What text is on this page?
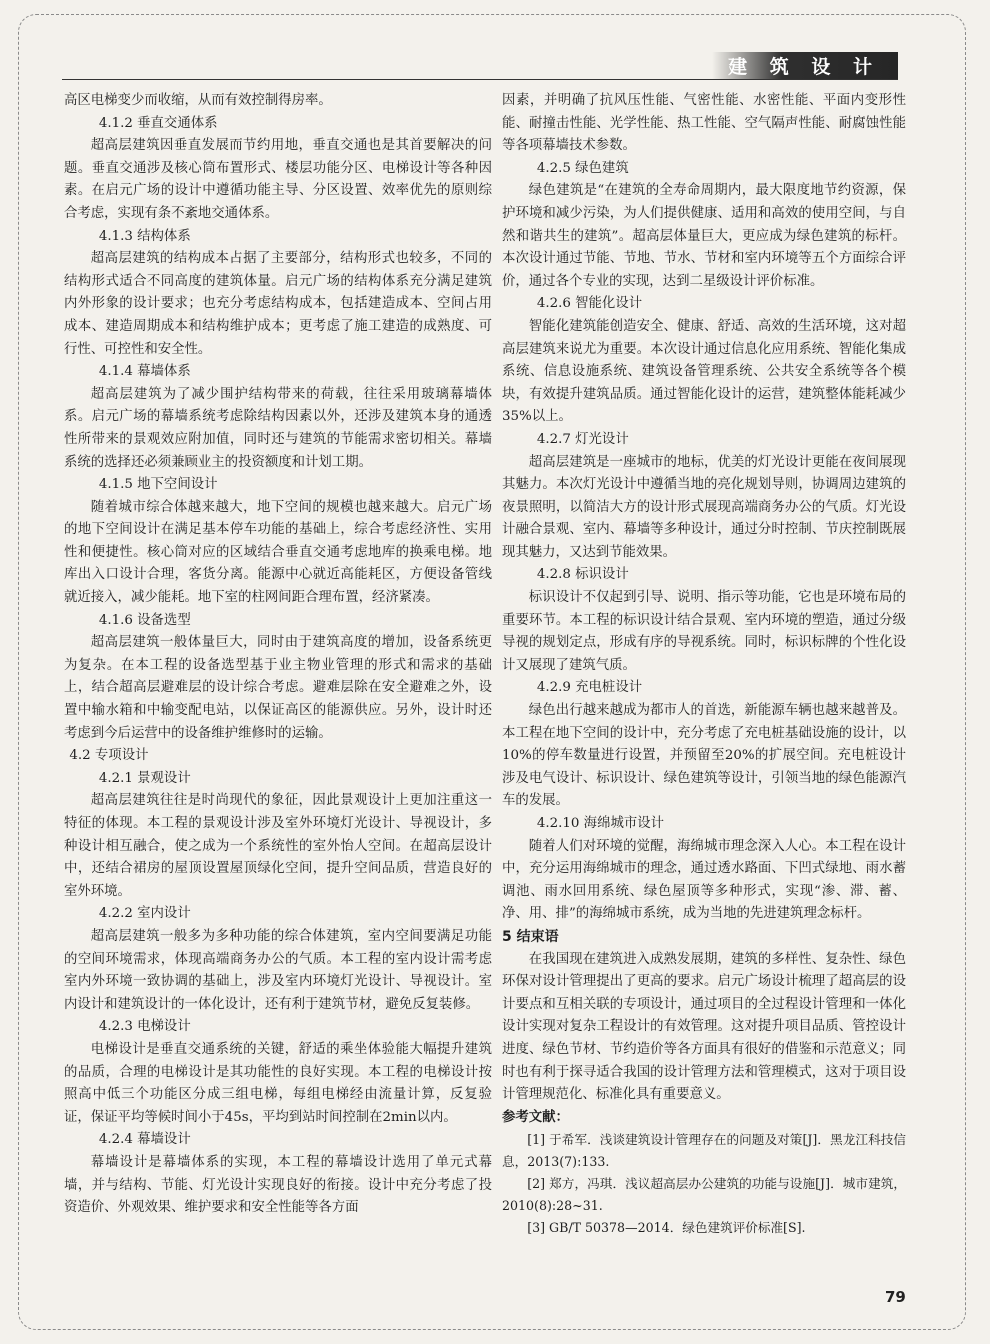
建 筑 设 计

高区电梯变少而收缩，从而有效控制得房率。

4.1.2 垂直交通体系

超高层建筑因垂直发展而节约用地，垂直交通也是其首要解决的问题。垂直交通涉及核心筒布置形式、楼层功能分区、电梯设计等各种因素。在启元广场的设计中遵循功能主导、分区设置、效率优先的原则综合考虑，实现有条不紊地交通体系。

4.1.3 结构体系

超高层建筑的结构成本占据了主要部分，结构形式也较多，不同的结构形式适合不同高度的建筑体量。启元广场的结构体系充分满足建筑内外形象的设计要求；也充分考虑结构成本，包括建造成本、空间占用成本、建造周期成本和结构维护成本；更考虑了施工建造的成熟度、可行性、可控性和安全性。

4.1.4 幕墙体系

超高层建筑为了减少围护结构带来的荷载，往往采用玻璃幕墙体系。启元广场的幕墙系统考虑除结构因素以外，还涉及建筑本身的通透性所带来的景观效应附加值，同时还与建筑的节能需求密切相关。幕墙系统的选择还必须兼顾业主的投资额度和计划工期。

4.1.5 地下空间设计

随着城市综合体越来越大，地下空间的规模也越来越大。启元广场的地下空间设计在满足基本停车功能的基础上，综合考虑经济性、实用性和便捷性。核心筒对应的区域结合垂直交通考虑地库的换乘电梯。地库出入口设计合理，客货分离。能源中心就近高能耗区，方便设备管线就近接入，减少能耗。地下室的柱网间距合理布置，经济紧凑。

4.1.6 设备选型

超高层建筑一般体量巨大，同时由于建筑高度的增加，设备系统更为复杂。在本工程的设备选型基于业主物业管理的形式和需求的基础上，结合超高层避难层的设计综合考虑。避难层除在安全避难之外，设置中输水箱和中输变配电站，以保证高区的能源供应。另外，设计时还考虑到今后运营中的设备维护维修时的运输。

4.2 专项设计

4.2.1 景观设计

超高层建筑往往是时尚现代的象征，因此景观设计上更加注重这一特征的体现。本工程的景观设计涉及室外环境灯光设计、导视设计，多种设计相互融合，使之成为一个系统性的室外怡人空间。在超高层设计中，还结合裙房的屋顶设置屋顶绿化空间，提升空间品质，营造良好的室外环境。

4.2.2 室内设计

超高层建筑一般多为多种功能的综合体建筑，室内空间要满足功能的空间环境需求，体现高端商务办公的气质。本工程的室内设计需考虑室内外环境一致协调的基础上，涉及室内环境灯光设计、导视设计。室内设计和建筑设计的一体化设计，还有利于建筑节材，避免反复装修。

4.2.3 电梯设计

电梯设计是垂直交通系统的关键，舒适的乘坐体验能大幅提升建筑的品质，合理的电梯设计是其功能性的良好实现。本工程的电梯设计按照高中低三个功能区分成三组电梯，每组电梯经由流量计算，反复验证，保证平均等候时间小于45s，平均到站时间控制在2min以内。

4.2.4 幕墙设计

幕墙设计是幕墙体系的实现，本工程的幕墙设计选用了单元式幕墙，并与结构、节能、灯光设计实现良好的衔接。设计中充分考虑了投资造价、外观效果、维护要求和安全性能等各方面

因素，并明确了抗风压性能、气密性能、水密性能、平面内变形性能、耐撞击性能、光学性能、热工性能、空气隔声性能、耐腐蚀性能等各项幕墙技术参数。

4.2.5 绿色建筑

绿色建筑是“在建筑的全寿命周期内，最大限度地节约资源，保护环境和减少污染，为人们提供健康、适用和高效的使用空间，与自然和谐共生的建筑”。超高层体量巨大，更应成为绿色建筑的标杆。本次设计通过节能、节地、节水、节材和室内环境等五个方面综合评价，通过各个专业的实现，达到二星级设计评价标准。

4.2.6 智能化设计

智能化建筑能创造安全、健康、舒适、高效的生活环境，这对超高层建筑来说尤为重要。本次设计通过信息化应用系统、智能化集成系统、信息设施系统、建筑设备管理系统、公共安全系统等各个模块，有效提升建筑品质。通过智能化设计的运营，建筑整体能耗减少35%以上。

4.2.7 灯光设计

超高层建筑是一座城市的地标，优美的灯光设计更能在夜间展现其魅力。本次灯光设计中遵循当地的亮化规划导则，协调周边建筑的夜景照明，以简洁大方的设计形式展现高端商务办公的气质。灯光设计融合景观、室内、幕墙等多种设计，通过分时控制、节庆控制既展现其魅力，又达到节能效果。

4.2.8 标识设计

标识设计不仅起到引导、说明、指示等功能，它也是环境布局的重要环节。本工程的标识设计结合景观、室内环境的塑造，通过分级导视的规划定点，形成有序的导视系统。同时，标识标牌的个性化设计又展现了建筑气质。

4.2.9 充电桩设计

绿色出行越来越成为都市人的首选，新能源车辆也越来越普及。本工程在地下空间的设计中，充分考虑了充电桩基础设施的设计，以10%的停车数量进行设置，并预留至20%的扩展空间。充电桩设计涉及电气设计、标识设计、绿色建筑等设计，引领当地的绿色能源汽车的发展。

4.2.10 海绵城市设计

随着人们对环境的觉醒，海绵城市理念深入人心。本工程在设计中，充分运用海绵城市的理念，通过透水路面、下凹式绿地、雨水蓄调池、雨水回用系统、绿色屋顶等多种形式，实现“渗、滞、蓄、净、用、排”的海绵城市系统，成为当地的先进建筑理念标杆。

5 结束语

在我国现在建筑进入成熟发展期，建筑的多样性、复杂性、绿色环保对设计管理提出了更高的要求。启元广场设计梳理了超高层的设计要点和互相关联的专项设计，通过项目的全过程设计管理和一体化设计实现对复杂工程设计的有效管理。这对提升项目品质、管控设计进度、绿色节材、节约造价等各方面具有很好的借鉴和示范意义；同时也有利于探寻适合我国的设计管理方法和管理模式，这对于项目设计管理规范化、标准化具有重要意义。

参考文献：

[1] 于希军．浅谈建筑设计管理存在的问题及对策[J]．黑龙江科技信息，2013(7):133.

[2] 郑方，冯琪．浅议超高层办公建筑的功能与设施[J]．城市建筑，2010(8):28~31.

[3] GB/T 50378—2014．绿色建筑评价标准[S].

79
